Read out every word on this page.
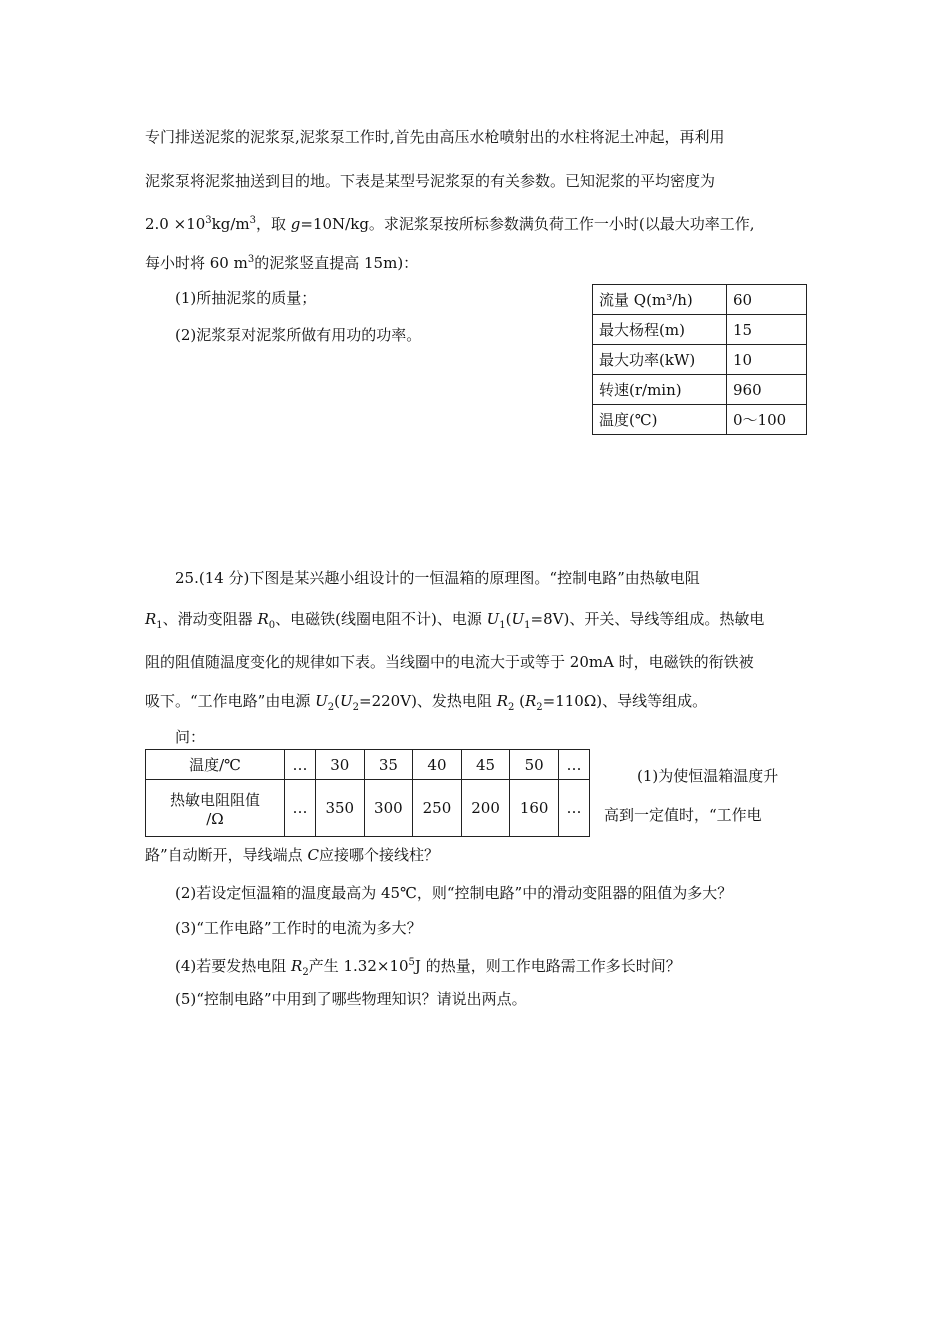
专门排送泥浆的泥浆泵,泥浆泵工作时,首先由高压水枪喷射出的水柱将泥土冲起，再利用
泥浆泵将泥浆抽送到目的地。下表是某型号泥浆泵的有关参数。已知泥浆的平均密度为
$2.0 \times 10^3kg/m^3$，取 g=10N/kg。求泥浆泵按所标参数满负荷工作一小时(以最大功率工作,
每小时将 60 $m^3$的泥浆竖直提高 15m)：
(1)所抽泥浆的质量；
(2)泥浆泵对泥浆所做有用功的功率。
流量 Q(m³/h)	60
最大杨程(m)	15
最大功率(kW)	10
转速(r/min)	960
温度(℃)	0～100
25.(14 分)下图是某兴趣小组设计的一恒温箱的原理图。“控制电路”由热敏电阻
$R_1$、滑动变阻器 $R_0$、电磁铁(线圈电阻不计)、电源 $U_1(U_1=8V)$、开关、导线等组成。热敏电
阻的阻值随温度变化的规律如下表。当线圈中的电流大于或等于 20mA 时，电磁铁的衔铁被
吸下。“工作电路”由电源 $U_2(U_2=220V)$、发热电阻 $R_2$ $(R_2=110\Omega)$、导线等组成。
问：
温度/℃	…	30	35	40	45	50	…
热敏电阻阻值
/Ω	…	350	300	250	200	160	…
(1)为使恒温箱温度升
高到一定值时，“工作电
路”自动断开，导线端点 C应接哪个接线柱？
(2)若设定恒温箱的温度最高为 45℃，则“控制电路”中的滑动变阻器的阻值为多大？
(3)“工作电路”工作时的电流为多大？
(4)若要发热电阻 $R_2$产生 $1.32\times 10^5J$ 的热量，则工作电路需工作多长时间？
(5)“控制电路”中用到了哪些物理知识？请说出两点。
